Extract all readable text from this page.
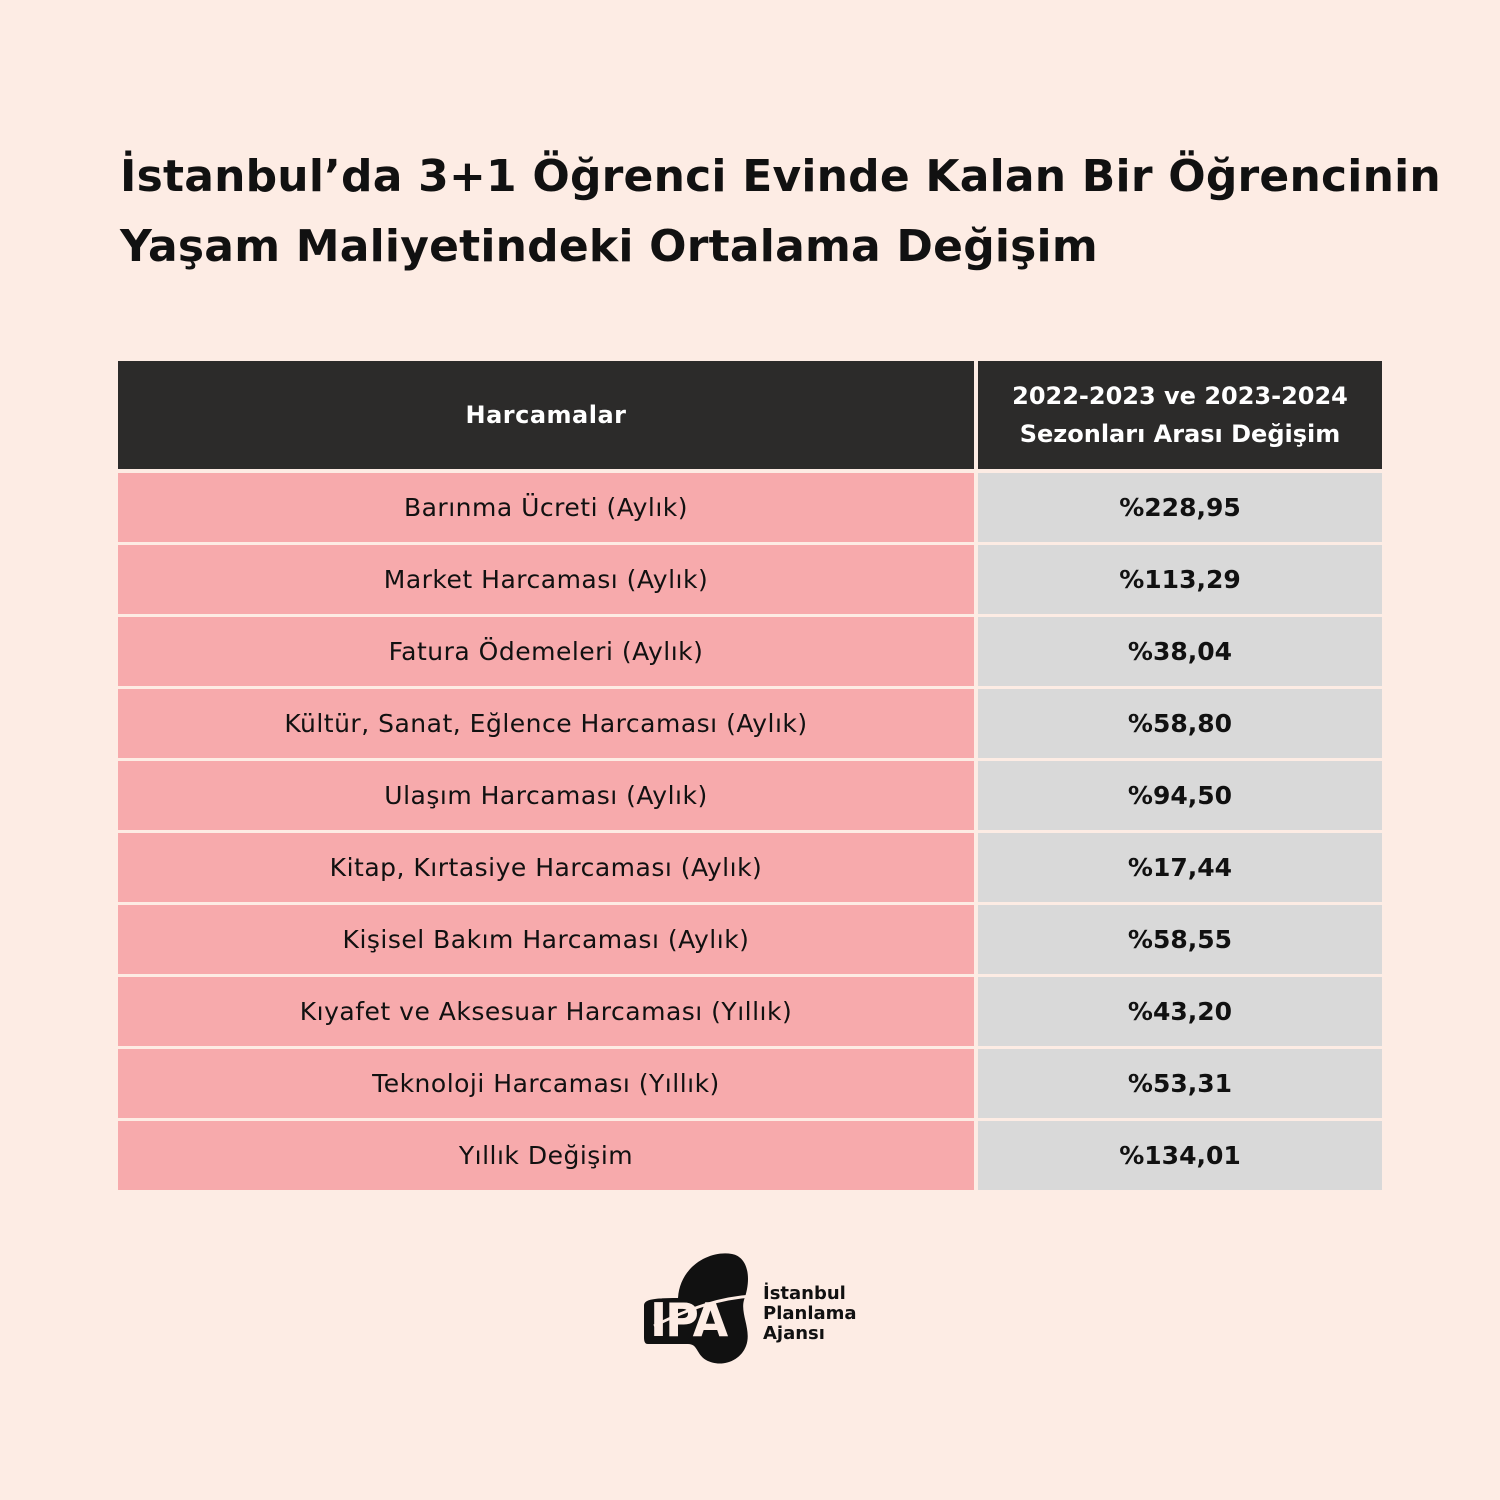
İstanbul’da 3+1 Öğrenci Evinde Kalan Bir Öğrencinin
Yaşam Maliyetindeki Ortalama Değişim
Harcamalar
2022-2023 ve 2023-2024
Sezonları Arası Değişim
Barınma Ücreti (Aylık)	%228,95
Market Harcaması (Aylık)	%113,29
Fatura Ödemeleri (Aylık)	%38,04
Kültür, Sanat, Eğlence Harcaması (Aylık)	%58,80
Ulaşım Harcaması (Aylık)	%94,50
Kitap, Kırtasiye Harcaması (Aylık)	%17,44
Kişisel Bakım Harcaması (Aylık)	%58,55
Kıyafet ve Aksesuar Harcaması (Yıllık)	%43,20
Teknoloji Harcaması (Yıllık)	%53,31
Yıllık Değişim	%134,01
İPA İstanbul
Planlama
Ajansı
